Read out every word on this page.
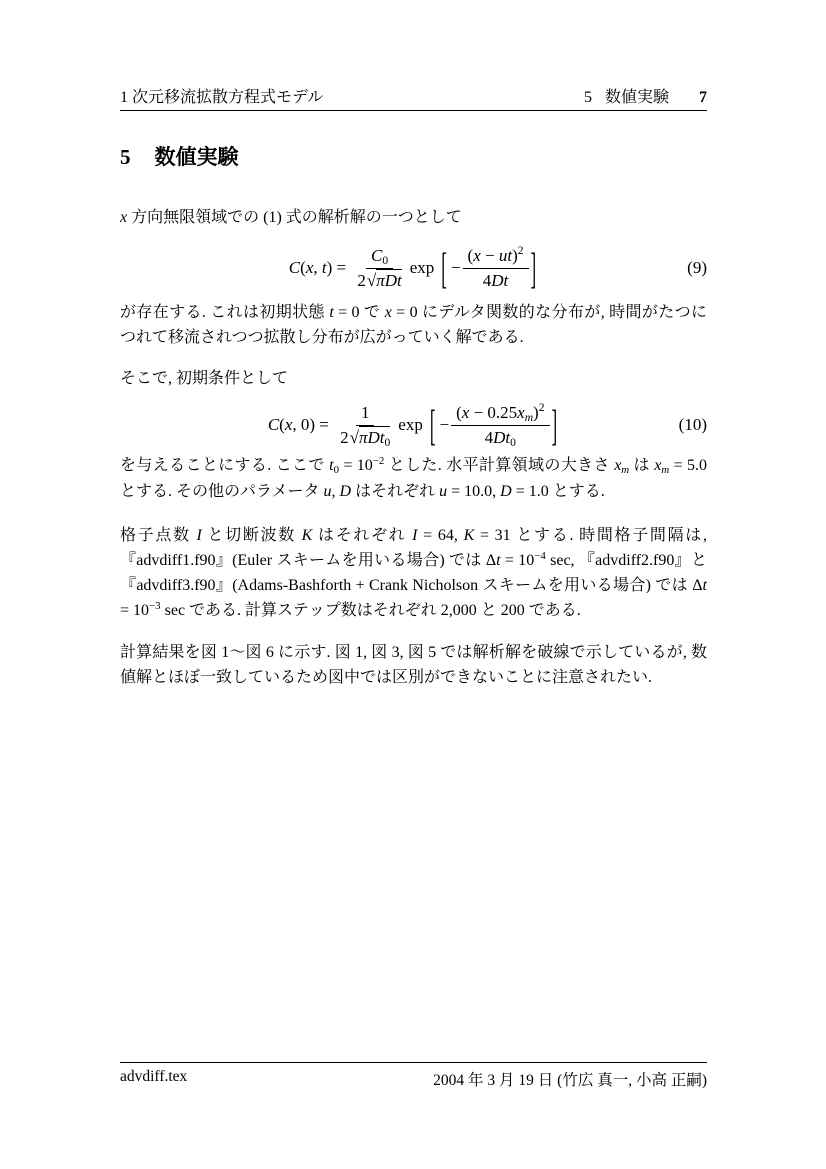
1 次元移流拡散方程式モデル	5 数値実験 7
5 数値実験
x 方向無限領域での (1) 式の解析解の一つとして
C(x, $t) = \frac{C_0}{\text{2√πDt}}$ exp [ − $\frac{(x - ut)^2}{4Dt}$ ]	(9)
が存在する. これは初期状態 t = 0 で x = 0 にデルタ関数的な分布が, 時間がたつにつれて移流されつつ拡散し分布が広がっていく解である.
そこで, 初期条件として
C(x, $0) = \frac{1}{2√\pi Dt_0}$ exp [ − $\frac{(x - 0.25x_m)^2}{4Dt_0}$ ]	(10)
を与えることにする. ここで $t_0 = 10^{-2}$ とした. 水平計算領域の大きさ $x_m$ は $x_m = 5.0$ とする. その他のパラメータ u, D はそれぞれ u = 10.0, D = 1.0 とする.
格子点数 I と切断波数 K はそれぞれ I = 64, K = 31 とする. 時間格子間隔は, 『advdiff1.f90』(Euler スキームを用いる場合) では $\Delta t = 10^{-4}$ sec, 『advdiff2.f90』と『advdiff3.f90』(Adams-Bashforth + Crank Nicholson スキームを用いる場合) では $\Delta t = 10^{-3}$ sec である. 計算ステップ数はそれぞれ 2,000 と 200 である.
計算結果を図 1〜図 6 に示す. 図 1, 図 3, 図 5 では解析解を破線で示しているが, 数値解とほぼ一致しているため図中では区別ができないことに注意されたい.
advdiff.tex	2004 年 3 月 19 日 (竹広 真一, 小高 正嗣)
